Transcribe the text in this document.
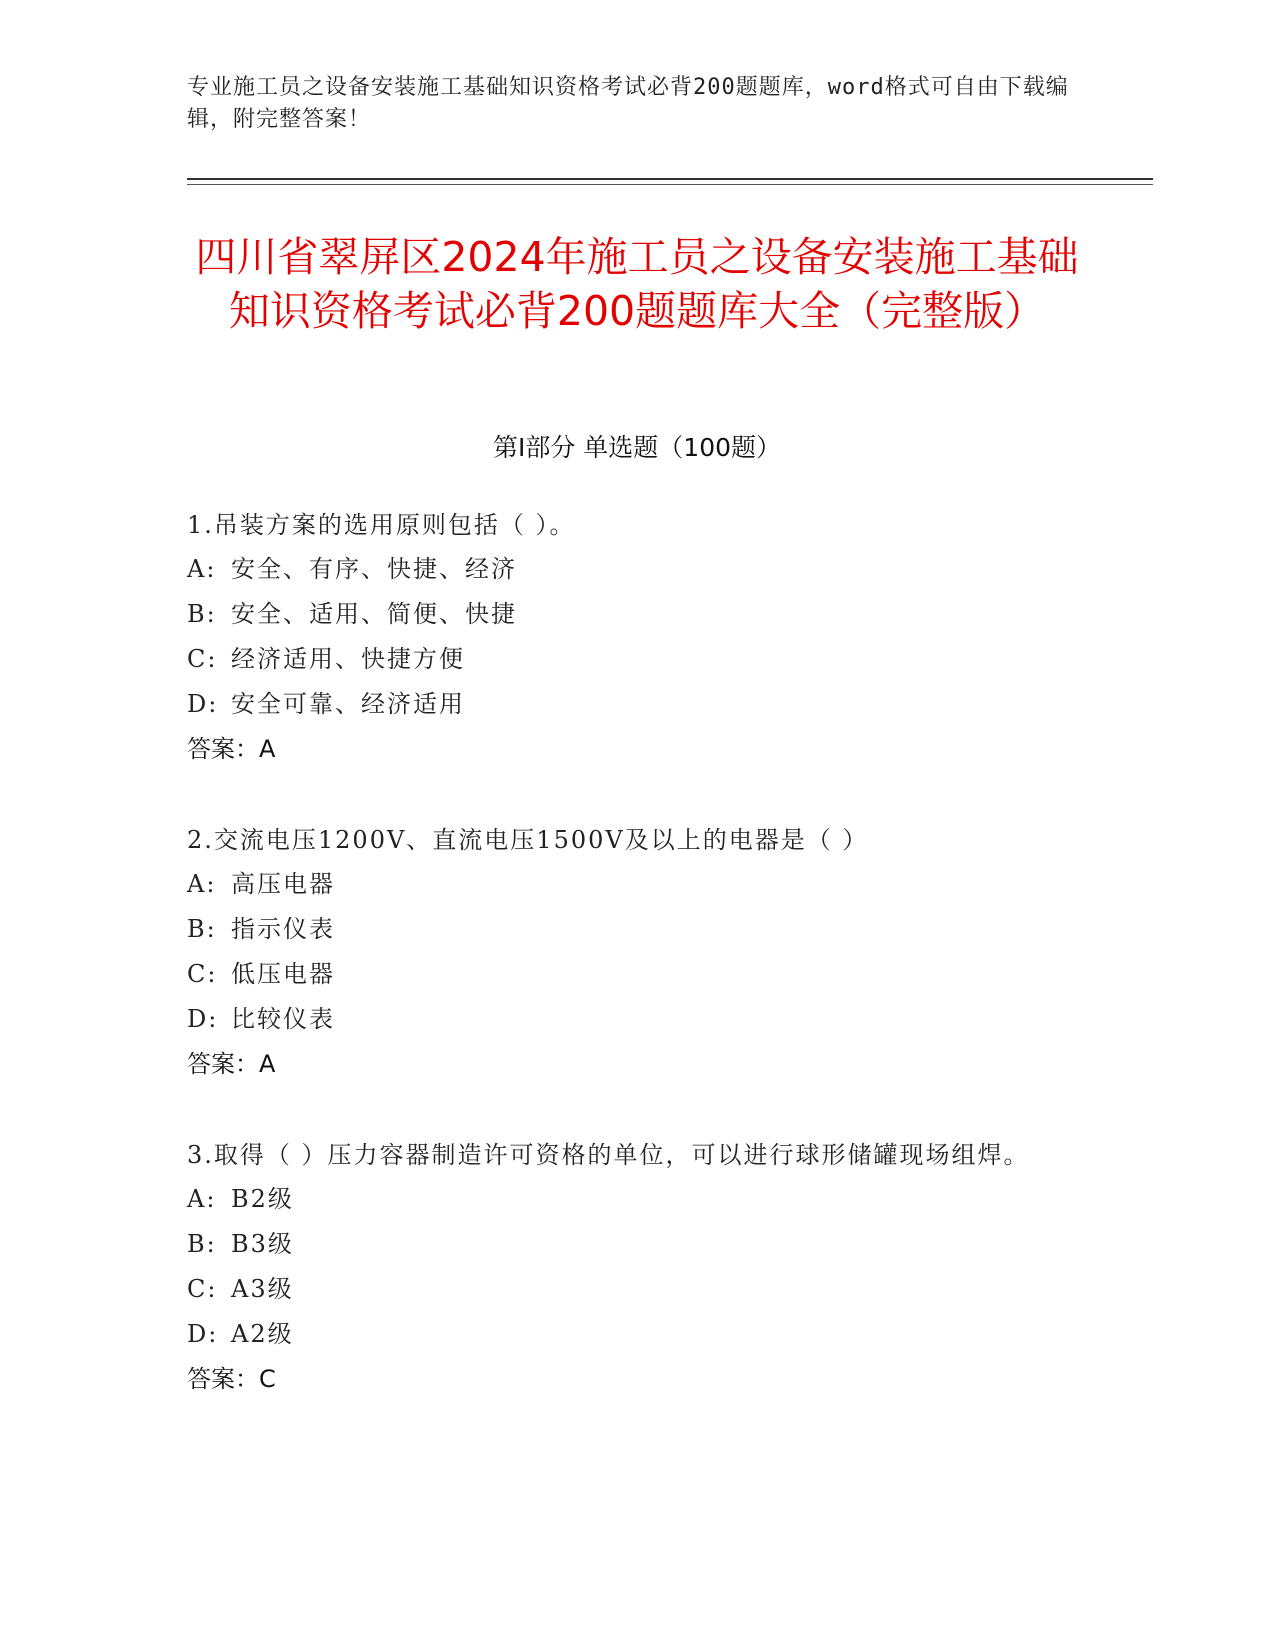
专业施工员之设备安装施工基础知识资格考试必背200题题库，word格式可自由下载编辑，附完整答案！
四川省翠屏区2024年施工员之设备安装施工基础知识资格考试必背200题题库大全（完整版）
第Ⅰ部分 单选题（100题）
1.吊装方案的选用原则包括（ ）。
A: 安全、有序、快捷、经济
B: 安全、适用、简便、快捷
C: 经济适用、快捷方便
D: 安全可靠、经济适用
答案：A
2.交流电压1200V、直流电压1500V及以上的电器是（ ）
A: 高压电器
B: 指示仪表
C: 低压电器
D: 比较仪表
答案：A
3.取得（ ）压力容器制造许可资格的单位，可以进行球形储罐现场组焊。
A: B2级
B: B3级
C: A3级
D: A2级
答案：C
